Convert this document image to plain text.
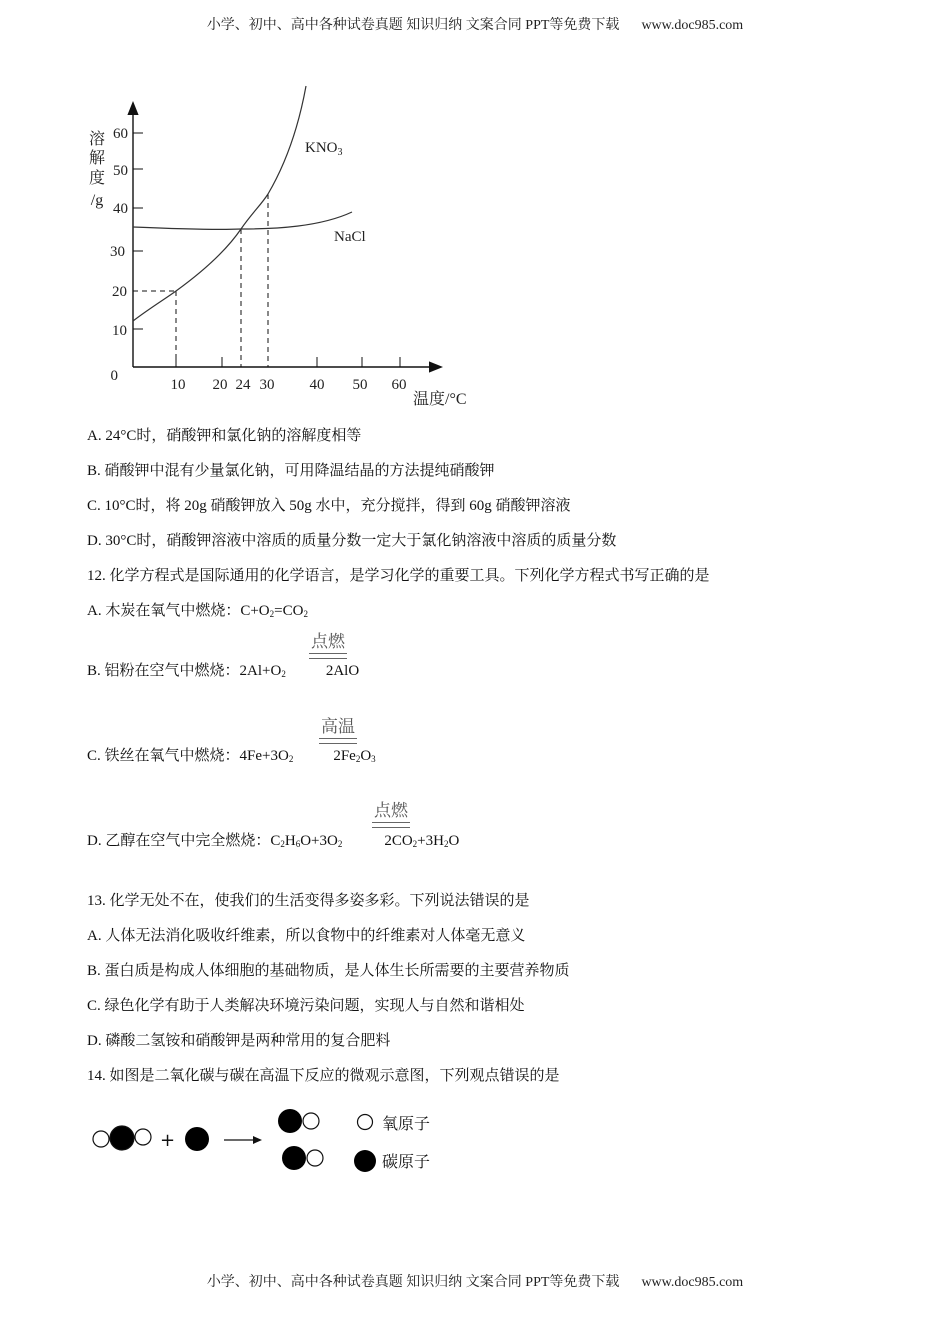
小学、初中、高中各种试卷真题 知识归纳 文案合同 PPT等免费下载 www.doc985.com
60
50
40
30
20
10
0
10 20 24 30 40 50 60
溶
解
度
/g
温度/°C
$KNO_3$
NaCl
A. 24°C时，硝酸钾和氯化钠的溶解度相等
B. 硝酸钾中混有少量氯化钠，可用降温结晶的方法提纯硝酸钾
C. 10°C时，将 20g 硝酸钾放入 50g 水中，充分搅拌，得到 60g 硝酸钾溶液
D. 30°C时，硝酸钾溶液中溶质的质量分数一定大于氯化钠溶液中溶质的质量分数
12. 化学方程式是国际通用的化学语言，是学习化学的重要工具。下列化学方程式书写正确的是
A. 木炭在氧气中燃烧：$C+O_2=CO_2$
B. 铝粉在空气中燃烧：$2Al+O_2$	2AlO
点燃
C. 铁丝在氧气中燃烧：$4Fe+3O_2$	$2Fe_2O_3$
高温
D. 乙醇在空气中完全燃烧：$C_2H_6O+3O_2$	$2CO_2+3H_2O$
点燃
13. 化学无处不在，使我们的生活变得多姿多彩。下列说法错误的是
A. 人体无法消化吸收纤维素，所以食物中的纤维素对人体毫无意义
B. 蛋白质是构成人体细胞的基础物质，是人体生长所需要的主要营养物质
C. 绿色化学有助于人类解决环境污染问题，实现人与自然和谐相处
D. 磷酸二氢铵和硝酸钾是两种常用的复合肥料
14. 如图是二氧化碳与碳在高温下反应的微观示意图，下列观点错误的是
+
氧原子
碳原子
小学、初中、高中各种试卷真题 知识归纳 文案合同 PPT等免费下载 www.doc985.com
